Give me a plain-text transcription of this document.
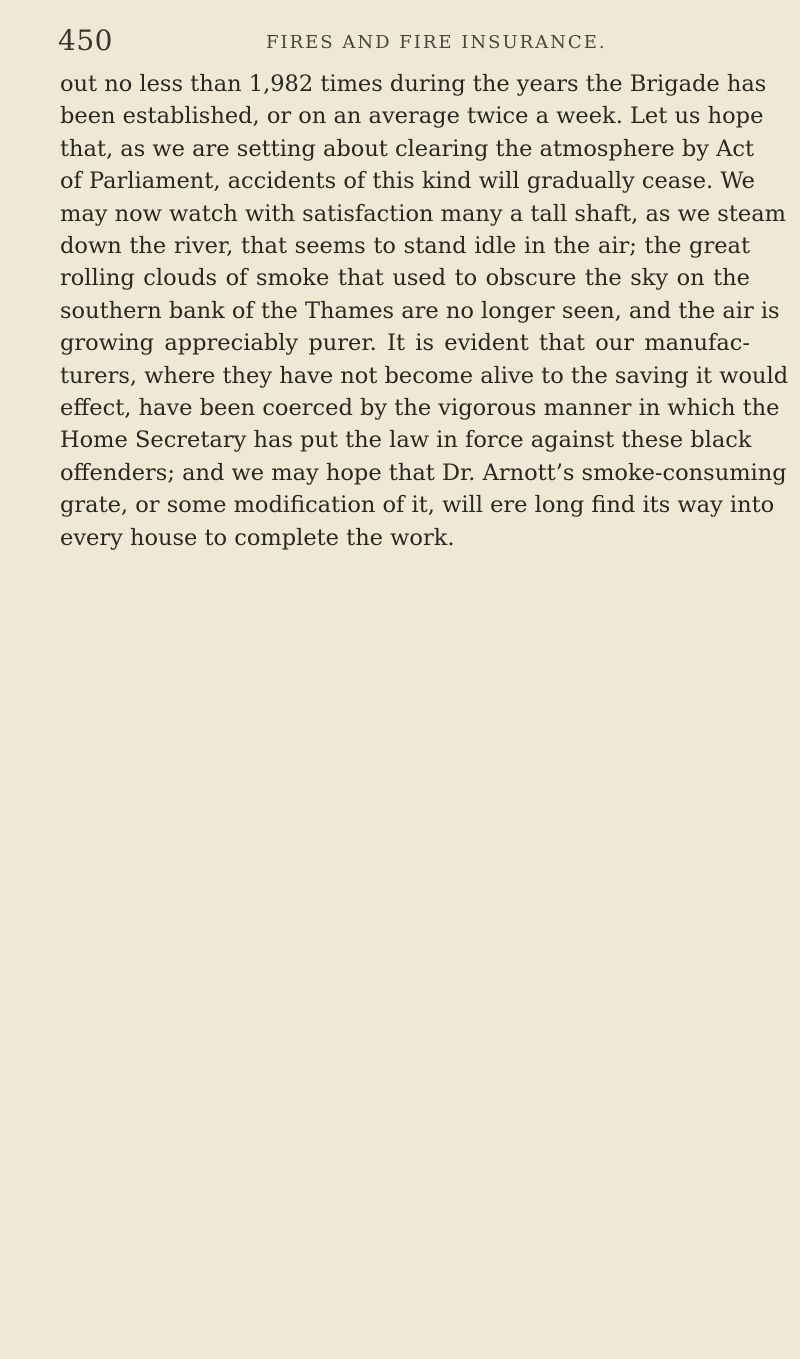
450	FIRES AND FIRE INSURANCE.
out no less than 1,982 times during the years the Brigade has
been established, or on an average twice a week. Let us hope
that, as we are setting about clearing the atmosphere by Act
of Parliament, accidents of this kind will gradually cease. We
may now watch with satisfaction many a tall shaft, as we steam
down the river, that seems to stand idle in the air; the great
rolling clouds of smoke that used to obscure the sky on the
southern bank of the Thames are no longer seen, and the air is
growing appreciably purer. It is evident that our manufac-
turers, where they have not become alive to the saving it would
effect, have been coerced by the vigorous manner in which the
Home Secretary has put the law in force against these black
offenders; and we may hope that Dr. Arnott’s smoke-consuming
grate, or some modification of it, will ere long find its way into
every house to complete the work.
